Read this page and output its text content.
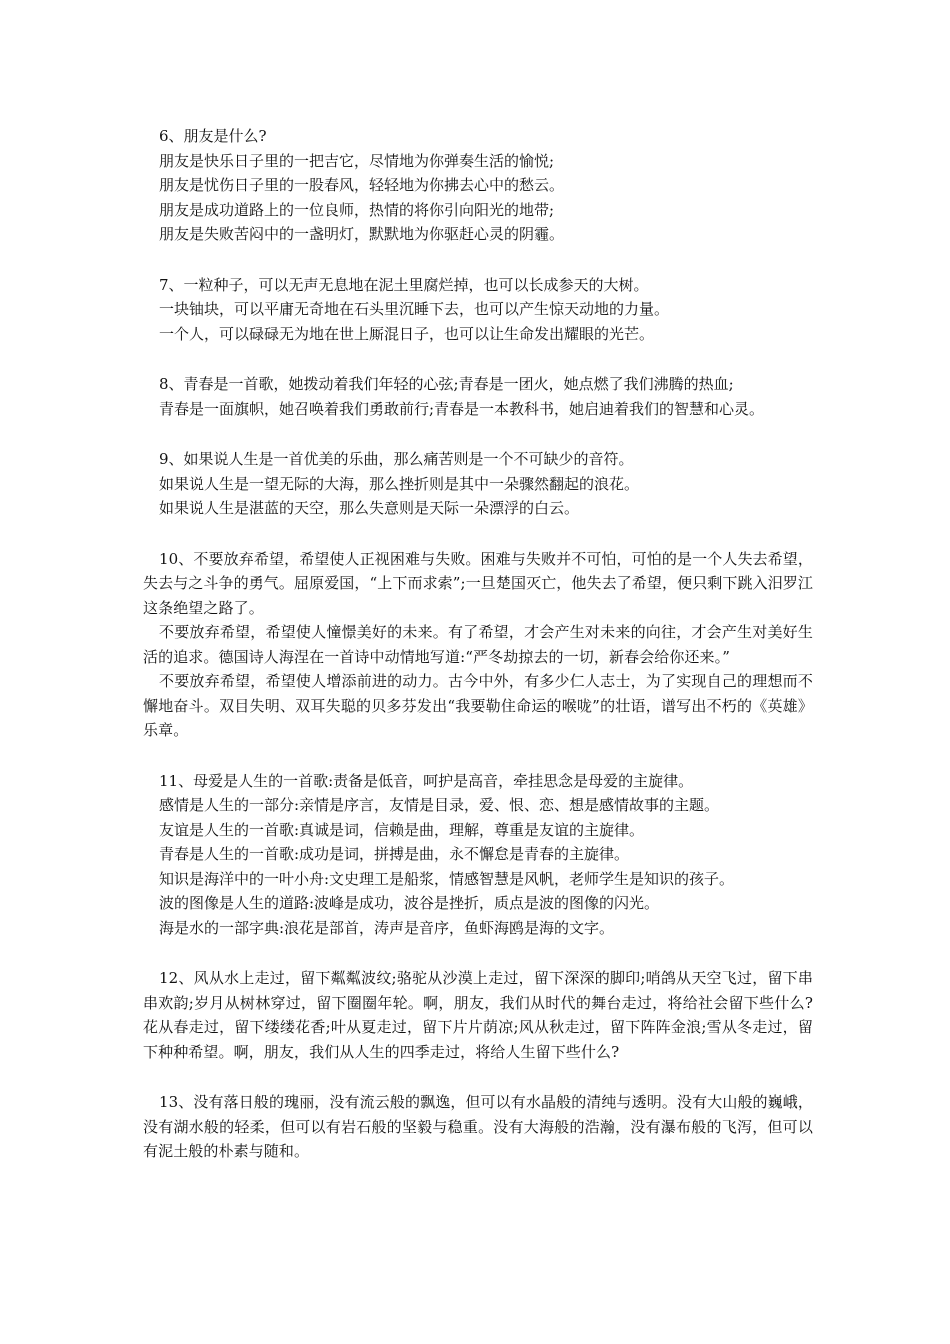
6、朋友是什么?
朋友是快乐日子里的一把吉它，尽情地为你弹奏生活的愉悦;
朋友是忧伤日子里的一股春风，轻轻地为你拂去心中的愁云。
朋友是成功道路上的一位良师，热情的将你引向阳光的地带;
朋友是失败苦闷中的一盏明灯，默默地为你驱赶心灵的阴霾。
7、一粒种子，可以无声无息地在泥土里腐烂掉，也可以长成参天的大树。
一块铀块，可以平庸无奇地在石头里沉睡下去，也可以产生惊天动地的力量。
一个人，可以碌碌无为地在世上厮混日子，也可以让生命发出耀眼的光芒。
8、青春是一首歌，她拨动着我们年轻的心弦;青春是一团火，她点燃了我们沸腾的热血;
青春是一面旗帜，她召唤着我们勇敢前行;青春是一本教科书，她启迪着我们的智慧和心灵。
9、如果说人生是一首优美的乐曲，那么痛苦则是一个不可缺少的音符。
如果说人生是一望无际的大海，那么挫折则是其中一朵骤然翻起的浪花。
如果说人生是湛蓝的天空，那么失意则是天际一朵漂浮的白云。
10、不要放弃希望，希望使人正视困难与失败。困难与失败并不可怕，可怕的是一个人失去希望，失去与之斗争的勇气。屈原爱国，“上下而求索”;一旦楚国灭亡，他失去了希望，便只剩下跳入汨罗江这条绝望之路了。
不要放弃希望，希望使人憧憬美好的未来。有了希望，才会产生对未来的向往，才会产生对美好生活的追求。德国诗人海涅在一首诗中动情地写道:“严冬劫掠去的一切，新春会给你还来。”
不要放弃希望，希望使人增添前进的动力。古今中外，有多少仁人志士，为了实现自己的理想而不懈地奋斗。双目失明、双耳失聪的贝多芬发出“我要勒住命运的喉咙”的壮语，谱写出不朽的《英雄》乐章。
11、母爱是人生的一首歌:责备是低音，呵护是高音，牵挂思念是母爱的主旋律。
感情是人生的一部分:亲情是序言，友情是目录，爱、恨、恋、想是感情故事的主题。
友谊是人生的一首歌:真诚是词，信赖是曲，理解，尊重是友谊的主旋律。
青春是人生的一首歌:成功是词，拼搏是曲，永不懈怠是青春的主旋律。
知识是海洋中的一叶小舟:文史理工是船浆，情感智慧是风帆，老师学生是知识的孩子。
波的图像是人生的道路:波峰是成功，波谷是挫折，质点是波的图像的闪光。
海是水的一部字典:浪花是部首，涛声是音序，鱼虾海鸥是海的文字。
12、风从水上走过，留下粼粼波纹;骆驼从沙漠上走过，留下深深的脚印;哨鸽从天空飞过，留下串串欢韵;岁月从树林穿过，留下圈圈年轮。啊，朋友，我们从时代的舞台走过，将给社会留下些什么?花从春走过，留下缕缕花香;叶从夏走过，留下片片荫凉;风从秋走过，留下阵阵金浪;雪从冬走过，留下种种希望。啊，朋友，我们从人生的四季走过，将给人生留下些什么?
13、没有落日般的瑰丽，没有流云般的飘逸，但可以有水晶般的清纯与透明。没有大山般的巍峨，没有湖水般的轻柔，但可以有岩石般的坚毅与稳重。没有大海般的浩瀚，没有瀑布般的飞泻，但可以有泥土般的朴素与随和。
